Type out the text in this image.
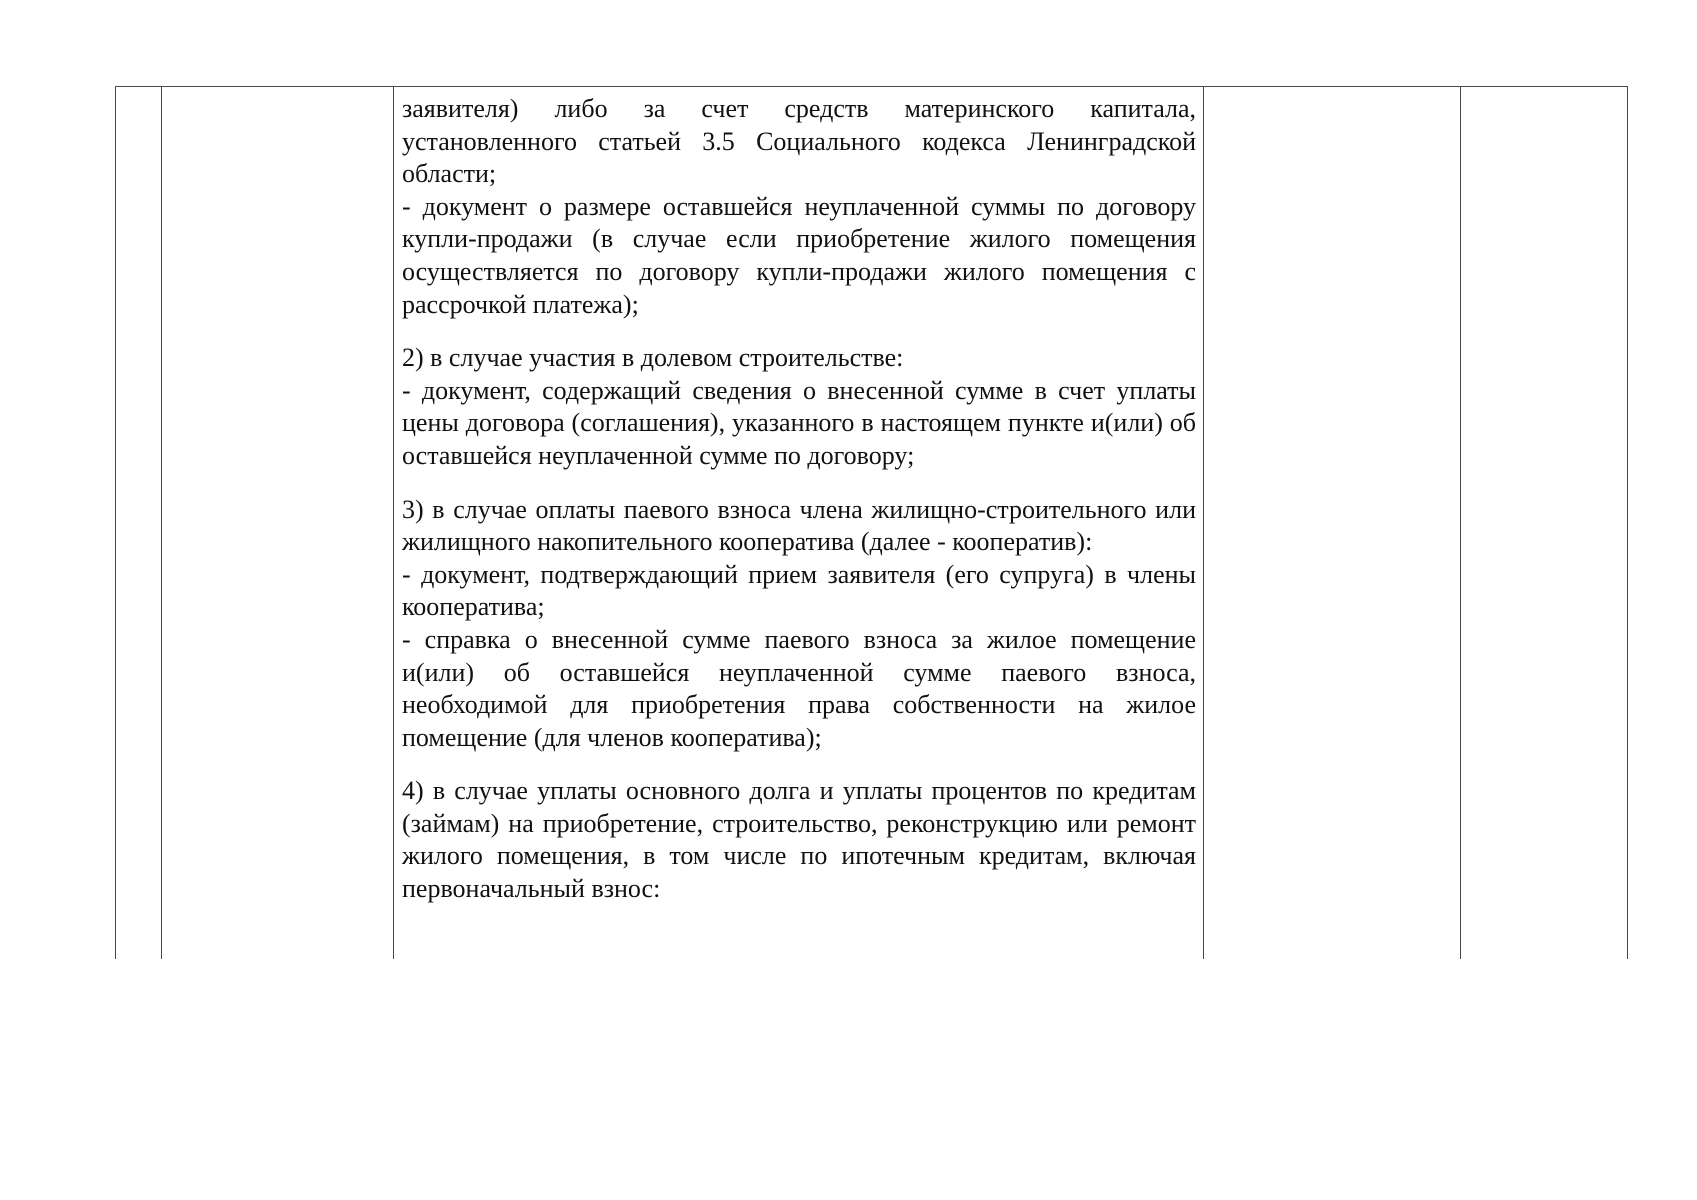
заявителя) либо за счет средств материнского капитала, установленного статьей 3.5 Социального кодекса Ленинградской области;

- документ о размере оставшейся неуплаченной суммы по договору купли-продажи (в случае если приобретение жилого помещения осуществляется по договору купли-продажи жилого помещения с рассрочкой платежа);

2) в случае участия в долевом строительстве:

- документ, содержащий сведения о внесенной сумме в счет уплаты цены договора (соглашения), указанного в настоящем пункте и(или) об оставшейся неуплаченной сумме по договору;

3) в случае оплаты паевого взноса члена жилищно-строительного или жилищного накопительного кооператива (далее - кооператив):

- документ, подтверждающий прием заявителя (его супруга) в члены кооператива;

- справка о внесенной сумме паевого взноса за жилое помещение и(или) об оставшейся неуплаченной сумме паевого взноса, необходимой для приобретения права собственности на жилое помещение (для членов кооператива);

4) в случае уплаты основного долга и уплаты процентов по кредитам (займам) на приобретение, строительство, реконструкцию или ремонт жилого помещения, в том числе по ипотечным кредитам, включая первоначальный взнос:
